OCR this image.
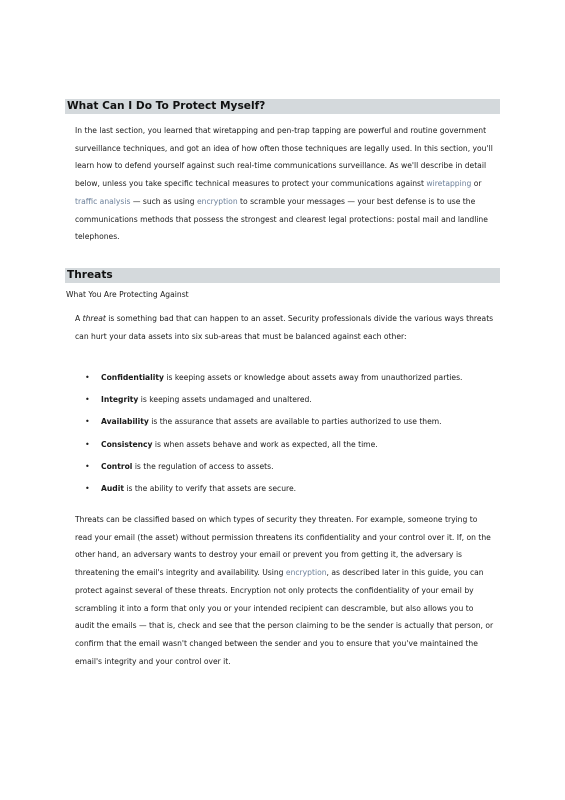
What Can I Do To Protect Myself?

In the last section, you learned that wiretapping and pen-trap tapping are powerful and routine government surveillance techniques, and got an idea of how often those techniques are legally used. In this section, you'll learn how to defend yourself against such real-time communications surveillance. As we'll describe in detail below, unless you take specific technical measures to protect your communications against wiretapping or traffic analysis — such as using encryption to scramble your messages — your best defense is to use the communications methods that possess the strongest and clearest legal protections: postal mail and landline telephones.

Threats
What You Are Protecting Against

A threat is something bad that can happen to an asset. Security professionals divide the various ways threats can hurt your data assets into six sub-areas that must be balanced against each other:

• Confidentiality is keeping assets or knowledge about assets away from unauthorized parties.
• Integrity is keeping assets undamaged and unaltered.
• Availability is the assurance that assets are available to parties authorized to use them.
• Consistency is when assets behave and work as expected, all the time.
• Control is the regulation of access to assets.
• Audit is the ability to verify that assets are secure.

Threats can be classified based on which types of security they threaten. For example, someone trying to read your email (the asset) without permission threatens its confidentiality and your control over it. If, on the other hand, an adversary wants to destroy your email or prevent you from getting it, the adversary is threatening the email's integrity and availability. Using encryption, as described later in this guide, you can protect against several of these threats. Encryption not only protects the confidentiality of your email by scrambling it into a form that only you or your intended recipient can descramble, but also allows you to audit the emails — that is, check and see that the person claiming to be the sender is actually that person, or confirm that the email wasn't changed between the sender and you to ensure that you've maintained the email's integrity and your control over it.
